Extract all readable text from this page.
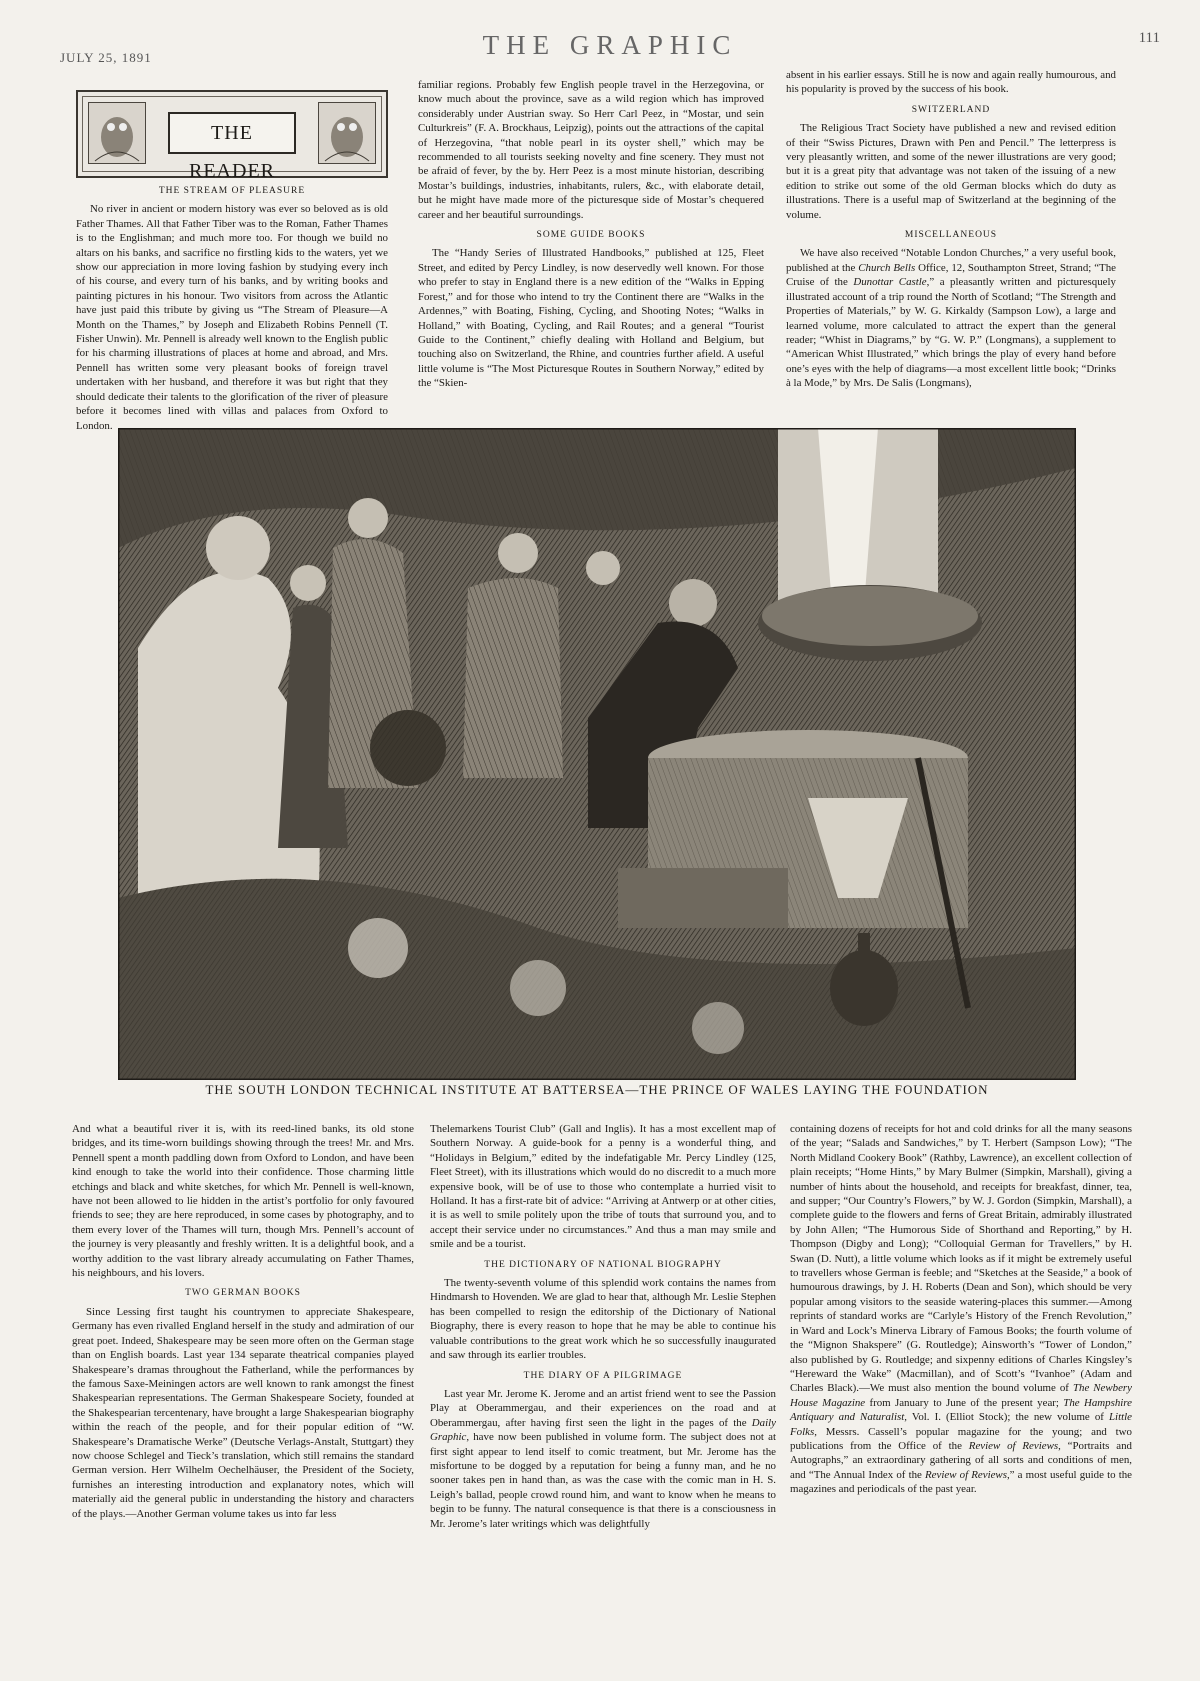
JULY 25, 1891	THE GRAPHIC	111
THE READER
THE STREAM OF PLEASURE

No river in ancient or modern history was ever so beloved as is old Father Thames. All that Father Tiber was to the Roman, Father Thames is to the Englishman; and much more too. For though we build no altars on his banks, and sacrifice no firstling kids to the waters, yet we show our appreciation in more loving fashion by studying every inch of his course, and every turn of his banks, and by writing books and painting pictures in his honour. Two visitors from across the Atlantic have just paid this tribute by giving us “The Stream of Pleasure—A Month on the Thames,” by Joseph and Elizabeth Robins Pennell (T. Fisher Unwin). Mr. Pennell is already well known to the English public for his charming illustrations of places at home and abroad, and Mrs. Pennell has written some very pleasant books of foreign travel undertaken with her husband, and therefore it was but right that they should dedicate their talents to the glorification of the river of pleasure before it becomes lined with villas and palaces from Oxford to London.

familiar regions. Probably few English people travel in the Herzegovina, or know much about the province, save as a wild region which has improved considerably under Austrian sway. So Herr Carl Peez, in “Mostar, und sein Culturkreis” (F. A. Brockhaus, Leipzig), points out the attractions of the capital of Herzegovina, “that noble pearl in its oyster shell,” which may be recommended to all tourists seeking novelty and fine scenery. They must not be afraid of fever, by the by. Herr Peez is a most minute historian, describing Mostar’s buildings, industries, inhabitants, rulers, &c., with elaborate detail, but he might have made more of the picturesque side of Mostar’s chequered career and her beautiful surroundings.

SOME GUIDE BOOKS

The “Handy Series of Illustrated Handbooks,” published at 125, Fleet Street, and edited by Percy Lindley, is now deservedly well known. For those who prefer to stay in England there is a new edition of the “Walks in Epping Forest,” and for those who intend to try the Continent there are “Walks in the Ardennes,” with Boating, Fishing, Cycling, and Shooting Notes; “Walks in Holland,” with Boating, Cycling, and Rail Routes; and a general “Tourist Guide to the Continent,” chiefly dealing with Holland and Belgium, but touching also on Switzerland, the Rhine, and countries further afield. A useful little volume is “The Most Picturesque Routes in Southern Norway,” edited by the “Skien-

absent in his earlier essays. Still he is now and again really humourous, and his popularity is proved by the success of his book.

SWITZERLAND

The Religious Tract Society have published a new and revised edition of their “Swiss Pictures, Drawn with Pen and Pencil.” The letterpress is very pleasantly written, and some of the newer illustrations are very good; but it is a great pity that advantage was not taken of the issuing of a new edition to strike out some of the old German blocks which do duty as illustrations. There is a useful map of Switzerland at the beginning of the volume.

MISCELLANEOUS

We have also received “Notable London Churches,” a very useful book, published at the Church Bells Office, 12, Southampton Street, Strand; “The Cruise of the Dunottar Castle,” a pleasantly written and picturesquely illustrated account of a trip round the North of Scotland; “The Strength and Properties of Materials,” by W. G. Kirkaldy (Sampson Low), a large and learned volume, more calculated to attract the expert than the general reader; “Whist in Diagrams,” by “G. W. P.” (Longmans), a supplement to “American Whist Illustrated,” which brings the play of every hand before one’s eyes with the help of diagrams—a most excellent little book; “Drinks à la Mode,” by Mrs. De Salis (Longmans),

THE SOUTH LONDON TECHNICAL INSTITUTE AT BATTERSEA—THE PRINCE OF WALES LAYING THE FOUNDATION

And what a beautiful river it is, with its reed-lined banks, its old stone bridges, and its time-worn buildings showing through the trees! Mr. and Mrs. Pennell spent a month paddling down from Oxford to London, and have been kind enough to take the world into their confidence. Those charming little etchings and black and white sketches, for which Mr. Pennell is well-known, have not been allowed to lie hidden in the artist’s portfolio for only favoured friends to see; they are here reproduced, in some cases by photography, and to them every lover of the Thames will turn, though Mrs. Pennell’s account of the journey is very pleasantly and freshly written. It is a delightful book, and a worthy addition to the vast library already accumulating on Father Thames, his neighbours, and his lovers.

TWO GERMAN BOOKS

Since Lessing first taught his countrymen to appreciate Shakespeare, Germany has even rivalled England herself in the study and admiration of our great poet. Indeed, Shakespeare may be seen more often on the German stage than on English boards. Last year 134 separate theatrical companies played Shakespeare’s dramas throughout the Fatherland, while the performances by the famous Saxe-Meiningen actors are well known to rank amongst the finest Shakespearian representations. The German Shakespeare Society, founded at the Shakespearian tercentenary, have brought a large Shakespearian biography within the reach of the people, and for their popular edition of “W. Shakespeare’s Dramatische Werke” (Deutsche Verlags-Anstalt, Stuttgart) they now choose Schlegel and Tieck’s translation, which still remains the standard German version. Herr Wilhelm Oechelhäuser, the President of the Society, furnishes an interesting introduction and explanatory notes, which will materially aid the general public in understanding the history and characters of the plays.—Another German volume takes us into far less

Thelemarkens Tourist Club” (Gall and Inglis). It has a most excellent map of Southern Norway. A guide-book for a penny is a wonderful thing, and “Holidays in Belgium,” edited by the indefatigable Mr. Percy Lindley (125, Fleet Street), with its illustrations which would do no discredit to a much more expensive book, will be of use to those who contemplate a hurried visit to Holland. It has a first-rate bit of advice: “Arriving at Antwerp or at other cities, it is as well to smile politely upon the tribe of touts that surround you, and to accept their service under no circumstances.” And thus a man may smile and smile and be a tourist.

THE DICTIONARY OF NATIONAL BIOGRAPHY

The twenty-seventh volume of this splendid work contains the names from Hindmarsh to Hovenden. We are glad to hear that, although Mr. Leslie Stephen has been compelled to resign the editorship of the Dictionary of National Biography, there is every reason to hope that he may be able to continue his valuable contributions to the great work which he so successfully inaugurated and saw through its earlier troubles.

THE DIARY OF A PILGRIMAGE

Last year Mr. Jerome K. Jerome and an artist friend went to see the Passion Play at Oberammergau, and their experiences on the road and at Oberammergau, after having first seen the light in the pages of the Daily Graphic, have now been published in volume form. The subject does not at first sight appear to lend itself to comic treatment, but Mr. Jerome has the misfortune to be dogged by a reputation for being a funny man, and he no sooner takes pen in hand than, as was the case with the comic man in H. S. Leigh’s ballad, people crowd round him, and want to know when he means to begin to be funny. The natural consequence is that there is a consciousness in Mr. Jerome’s later writings which was delightfully

containing dozens of receipts for hot and cold drinks for all the many seasons of the year; “Salads and Sandwiches,” by T. Herbert (Sampson Low); “The North Midland Cookery Book” (Rathby, Lawrence), an excellent collection of plain receipts; “Home Hints,” by Mary Bulmer (Simpkin, Marshall), giving a number of hints about the household, and receipts for breakfast, dinner, tea, and supper; “Our Country’s Flowers,” by W. J. Gordon (Simpkin, Marshall), a complete guide to the flowers and ferns of Great Britain, admirably illustrated by John Allen; “The Humorous Side of Shorthand and Reporting,” by H. Thompson (Digby and Long); “Colloquial German for Travellers,” by H. Swan (D. Nutt), a little volume which looks as if it might be extremely useful to travellers whose German is feeble; and “Sketches at the Seaside,” a book of humourous drawings, by J. H. Roberts (Dean and Son), which should be very popular among visitors to the seaside watering-places this summer.—Among reprints of standard works are “Carlyle’s History of the French Revolution,” in Ward and Lock’s Minerva Library of Famous Books; the fourth volume of the “Mignon Shakspere” (G. Routledge); Ainsworth’s “Tower of London,” also published by G. Routledge; and sixpenny editions of Charles Kingsley’s “Hereward the Wake” (Macmillan), and of Scott’s “Ivanhoe” (Adam and Charles Black).—We must also mention the bound volume of The Newbery House Magazine from January to June of the present year; The Hampshire Antiquary and Naturalist, Vol. I. (Elliot Stock); the new volume of Little Folks, Messrs. Cassell’s popular magazine for the young; and two publications from the Office of the Review of Reviews, “Portraits and Autographs,” an extraordinary gathering of all sorts and conditions of men, and “The Annual Index of the Review of Reviews,” a most useful guide to the magazines and periodicals of the past year.
